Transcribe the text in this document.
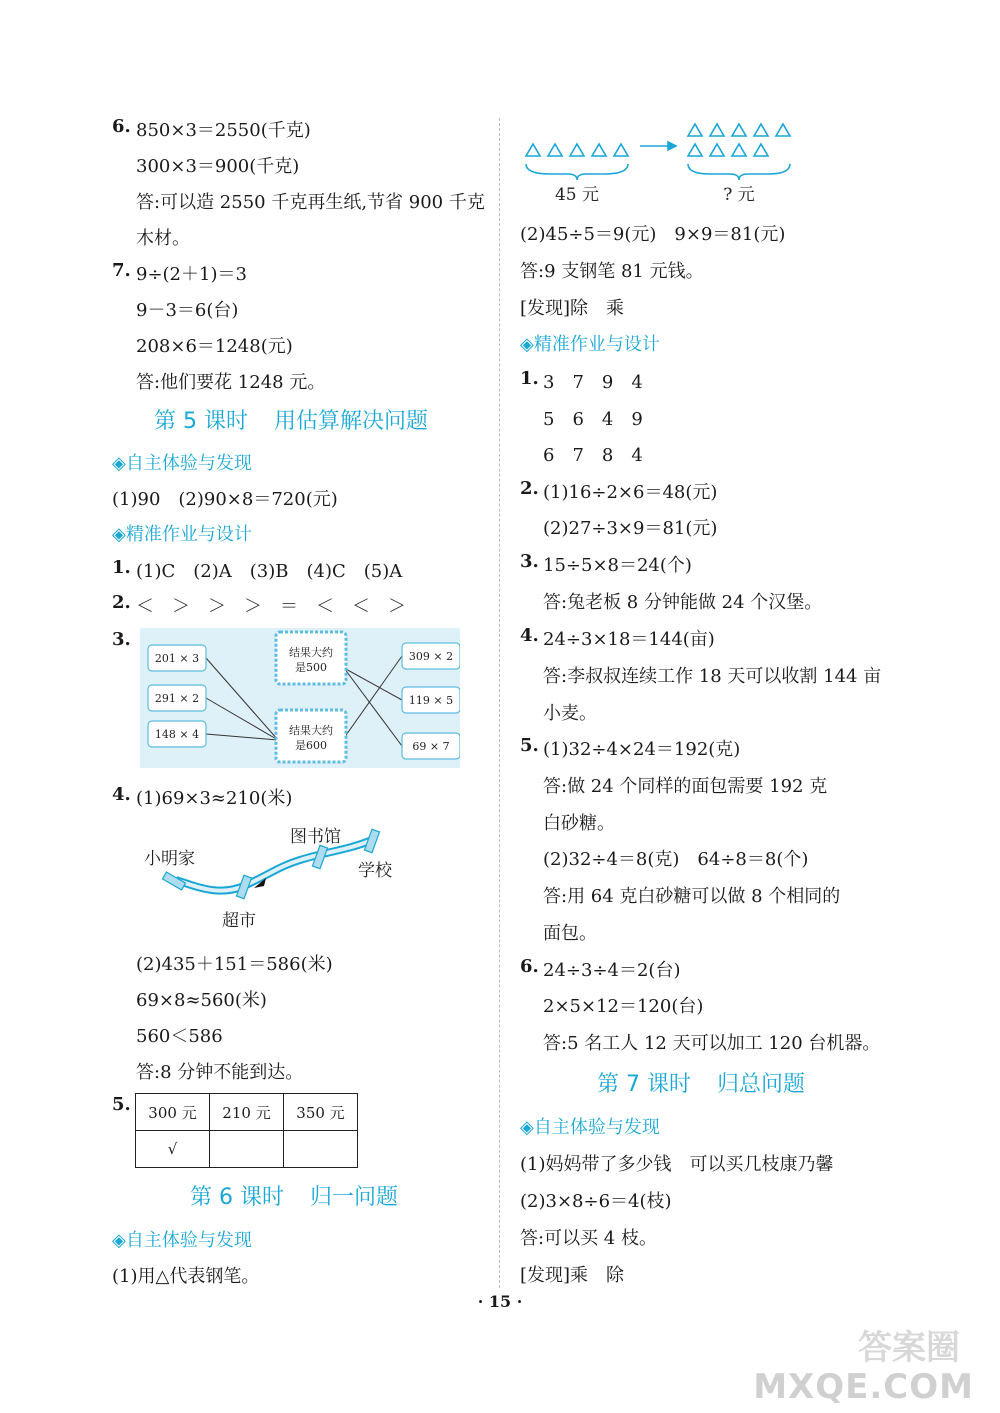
6. 850×3＝2550(千克)
300×3＝900(千克)
答:可以造 2550 千克再生纸,节省 900 千克
木材。
7. 9÷(2＋1)＝3
9－3＝6(台)
208×6＝1248(元)
答:他们要花 1248 元。
第 5 课时 用估算解决问题
◈自主体验与发现
(1)90　(2)90×8＝720(元)
◈精准作业与设计
1. (1)C　(2)A　(3)B　(4)C　(5)A
2. ＜　＞　＞　＞　＝　＜　＜　＞
3.
201 × 3
291 × 2
148 × 4
309 × 2
119 × 5
69 × 7
结果大约
是500
结果大约
是600
4. (1)69×3≈210(米)
小明家
超市
图书馆
学校
(2)435＋151＝586(米)
69×8≈560(米)
560＜586
答:8 分钟不能到达。
5. 300 元	210 元	350 元
√		
第 6 课时 归一问题
◈自主体验与发现
(1)用△代表钢笔。
45 元	? 元
(2)45÷5＝9(元)　9×9＝81(元)
答:9 支钢笔 81 元钱。
[发现]除　乘
◈精准作业与设计
1. 3　7　9　4
5　6　4　9
6　7　8　4
2. (1)16÷2×6＝48(元)
(2)27÷3×9＝81(元)
3. 15÷5×8＝24(个)
答:兔老板 8 分钟能做 24 个汉堡。
4. 24÷3×18＝144(亩)
答:李叔叔连续工作 18 天可以收割 144 亩
小麦。
5. (1)32÷4×24＝192(克)
答:做 24 个同样的面包需要 192 克
白砂糖。
(2)32÷4＝8(克)　64÷8＝8(个)
答:用 64 克白砂糖可以做 8 个相同的
面包。
6. 24÷3÷4＝2(台)
2×5×12＝120(台)
答:5 名工人 12 天可以加工 120 台机器。
第 7 课时 归总问题
◈自主体验与发现
(1)妈妈带了多少钱　可以买几枝康乃馨
(2)3×8÷6＝4(枝)
答:可以买 4 枝。
[发现]乘　除
· 15 ·
答案圈
MXQE.COM
